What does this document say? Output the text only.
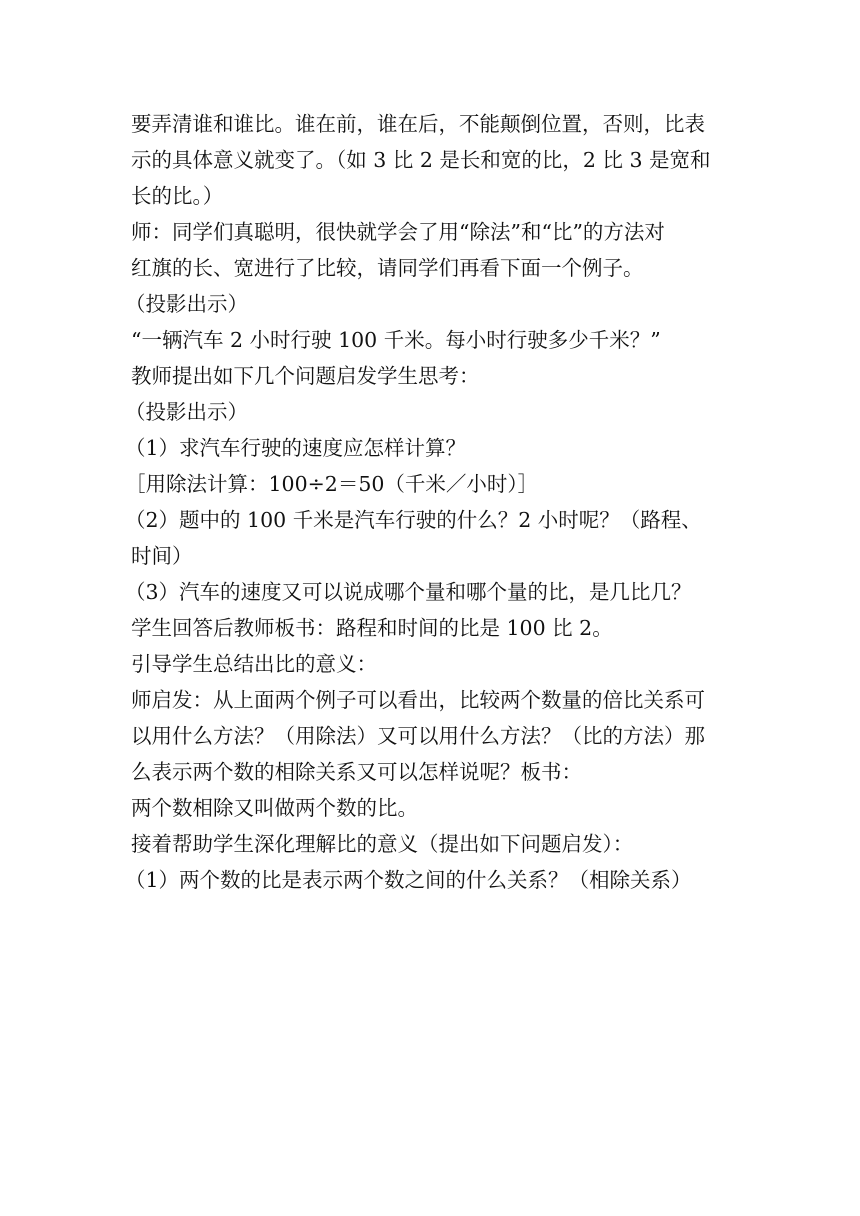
要弄清谁和谁比。谁在前，谁在后，不能颠倒位置，否则，比表
示的具体意义就变了。（如 3 比 2 是长和宽的比，2 比 3 是宽和
长的比。）
师：同学们真聪明，很快就学会了用“除法”和“比”的方法对
红旗的长、宽进行了比较，请同学们再看下面一个例子。
（投影出示）
“一辆汽车 2 小时行驶 100 千米。每小时行驶多少千米？”
教师提出如下几个问题启发学生思考：
（投影出示）
（1）求汽车行驶的速度应怎样计算？
［用除法计算：100÷2＝50（千米／小时）］
（2）题中的 100 千米是汽车行驶的什么？2 小时呢？（路程、
时间）
（3）汽车的速度又可以说成哪个量和哪个量的比，是几比几？
学生回答后教师板书：路程和时间的比是 100 比 2。
引导学生总结出比的意义：
师启发：从上面两个例子可以看出，比较两个数量的倍比关系可
以用什么方法？（用除法）又可以用什么方法？（比的方法）那
么表示两个数的相除关系又可以怎样说呢？板书：
两个数相除又叫做两个数的比。
接着帮助学生深化理解比的意义（提出如下问题启发）：
（1）两个数的比是表示两个数之间的什么关系？（相除关系）
